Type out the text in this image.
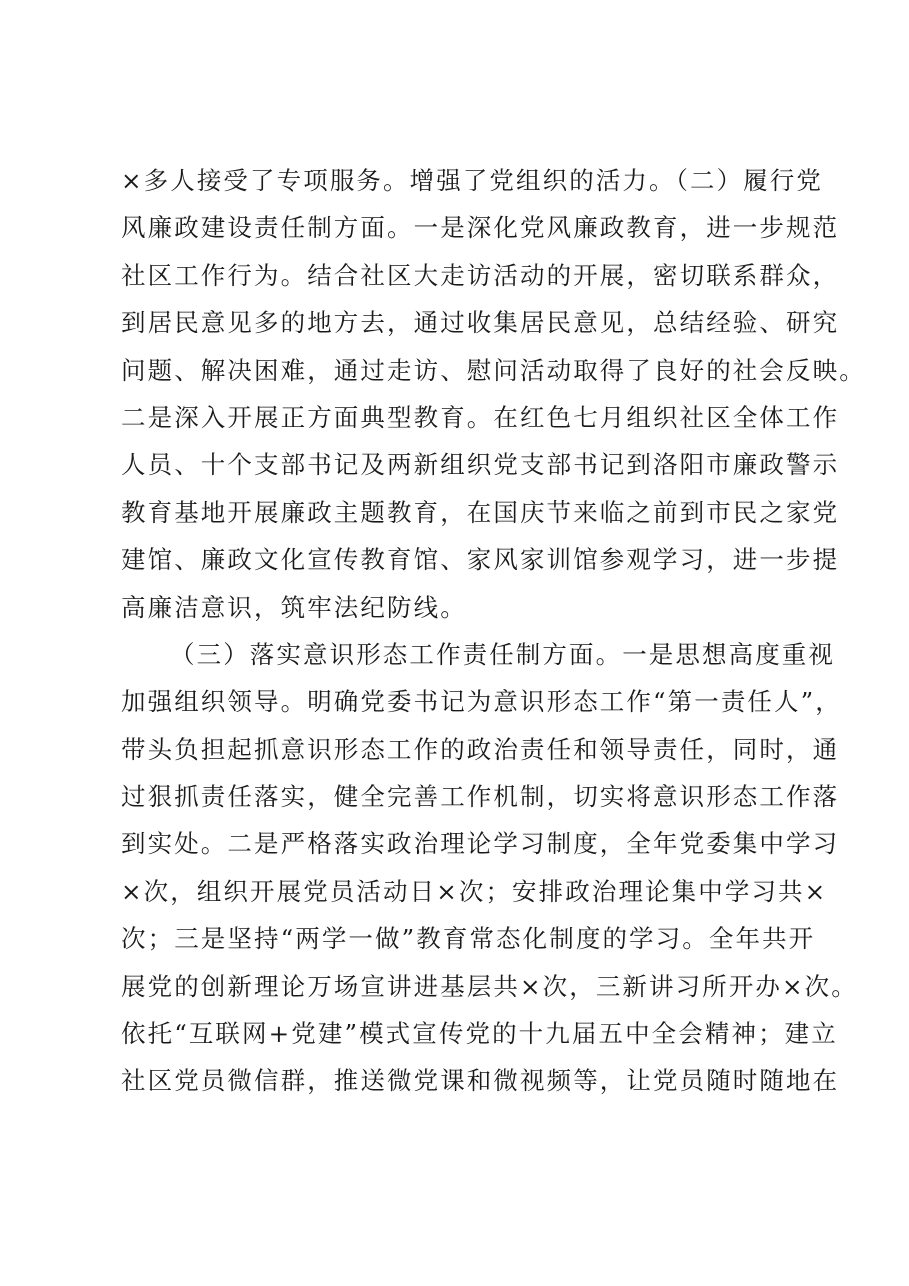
×多人接受了专项服务。增强了党组织的活力。（二）履行党
风廉政建设责任制方面。一是深化党风廉政教育，进一步规范
社区工作行为。结合社区大走访活动的开展，密切联系群众，
到居民意见多的地方去，通过收集居民意见，总结经验、研究
问题、解决困难，通过走访、慰问活动取得了良好的社会反映。
二是深入开展正方面典型教育。在红色七月组织社区全体工作
人员、十个支部书记及两新组织党支部书记到洛阳市廉政警示
教育基地开展廉政主题教育，在国庆节来临之前到市民之家党
建馆、廉政文化宣传教育馆、家风家训馆参观学习，进一步提
高廉洁意识，筑牢法纪防线。
（三）落实意识形态工作责任制方面。一是思想高度重视
加强组织领导。明确党委书记为意识形态工作“第一责任人”，
带头负担起抓意识形态工作的政治责任和领导责任，同时，通
过狠抓责任落实，健全完善工作机制，切实将意识形态工作落
到实处。二是严格落实政治理论学习制度，全年党委集中学习
×次，组织开展党员活动日×次；安排政治理论集中学习共×
次；三是坚持“两学一做”教育常态化制度的学习。全年共开
展党的创新理论万场宣讲进基层共×次，三新讲习所开办×次。
依托“互联网+党建”模式宣传党的十九届五中全会精神；建立
社区党员微信群，推送微党课和微视频等，让党员随时随地在
